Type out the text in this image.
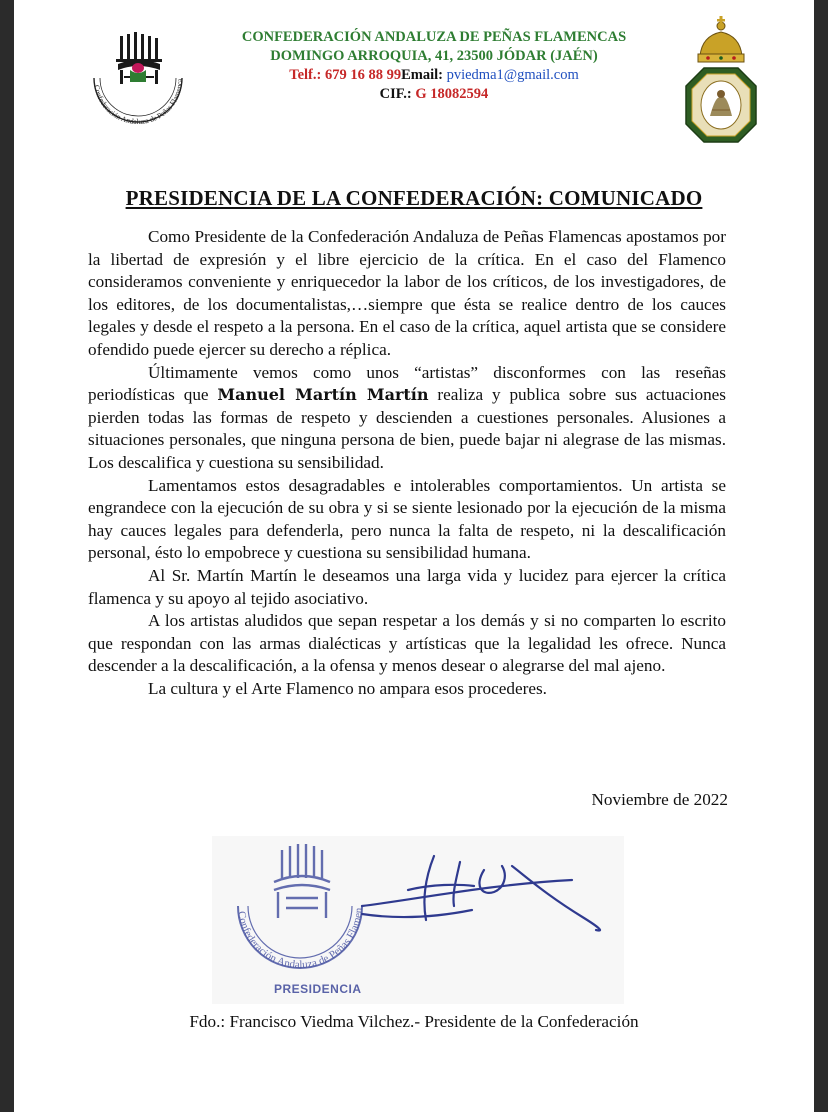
Confederación Andaluza de Peñas Flamenca
CONFEDERACIÓN ANDALUZA DE PEÑAS FLAMENCAS
DOMINGO ARROQUIA, 41, 23500 JÓDAR (JAÉN)
Telf.: 679 16 88 99Email: pviedma1@gmail.com
CIF.: G 18082594
PRESIDENCIA DE LA CONFEDERACIÓN: COMUNICADO

Como Presidente de la Confederación Andaluza de Peñas Flamencas apostamos por la libertad de expresión y el libre ejercicio de la crítica. En el caso del Flamenco consideramos conveniente y enriquecedor la labor de los críticos, de los investigadores, de los editores, de los documentalistas,…siempre que ésta se realice dentro de los cauces legales y desde el respeto a la persona. En el caso de la crítica, aquel artista que se considere ofendido puede ejercer su derecho a réplica.

Últimamente vemos como unos “artistas” disconformes con las reseñas periodísticas que Manuel Martín Martín realiza y publica sobre sus actuaciones pierden todas las formas de respeto y descienden a cuestiones personales. Alusiones a situaciones personales, que ninguna persona de bien, puede bajar ni alegrase de las mismas. Los descalifica y cuestiona su sensibilidad.

Lamentamos estos desagradables e intolerables comportamientos. Un artista se engrandece con la ejecución de su obra y si se siente lesionado por la ejecución de la misma hay cauces legales para defenderla, pero nunca la falta de respeto, ni la descalificación personal, ésto lo empobrece y cuestiona su sensibilidad humana.

Al Sr. Martín Martín le deseamos una larga vida y lucidez para ejercer la crítica flamenca y su apoyo al tejido asociativo.

A los artistas aludidos que sepan respetar a los demás y si no comparten lo escrito que respondan con las armas dialécticas y artísticas que la legalidad les ofrece. Nunca descender a la descalificación, a la ofensa y menos desear o alegrarse del mal ajeno.

La cultura y el Arte Flamenco no ampara esos procederes.

Noviembre de 2022
Confederación Andaluza de Peñas Flamen
PRESIDENCIA
Fdo.: Francisco Viedma Vilchez.- Presidente de la Confederación
